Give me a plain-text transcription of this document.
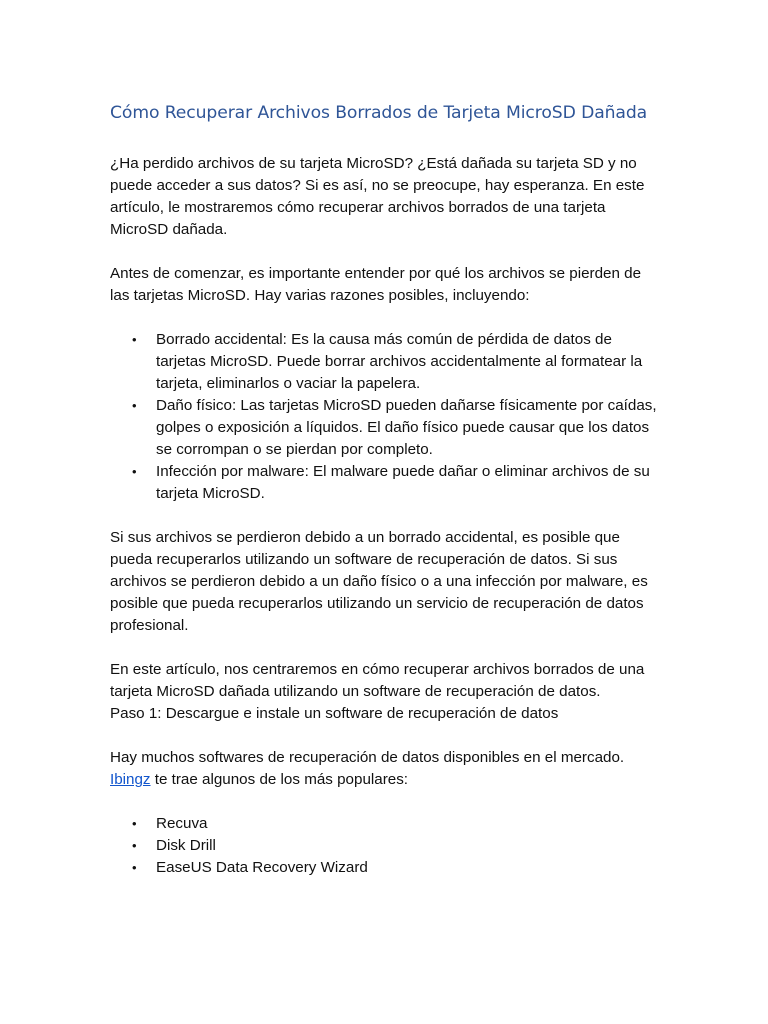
Cómo Recuperar Archivos Borrados de Tarjeta MicroSD Dañada

¿Ha perdido archivos de su tarjeta MicroSD? ¿Está dañada su tarjeta SD y no puede acceder a sus datos? Si es así, no se preocupe, hay esperanza. En este artículo, le mostraremos cómo recuperar archivos borrados de una tarjeta MicroSD dañada.

Antes de comenzar, es importante entender por qué los archivos se pierden de las tarjetas MicroSD. Hay varias razones posibles, incluyendo:

• Borrado accidental: Es la causa más común de pérdida de datos de tarjetas MicroSD. Puede borrar archivos accidentalmente al formatear la tarjeta, eliminarlos o vaciar la papelera.
• Daño físico: Las tarjetas MicroSD pueden dañarse físicamente por caídas, golpes o exposición a líquidos. El daño físico puede causar que los datos se corrompan o se pierdan por completo.
• Infección por malware: El malware puede dañar o eliminar archivos de su tarjeta MicroSD.

Si sus archivos se perdieron debido a un borrado accidental, es posible que pueda recuperarlos utilizando un software de recuperación de datos. Si sus archivos se perdieron debido a un daño físico o a una infección por malware, es posible que pueda recuperarlos utilizando un servicio de recuperación de datos profesional.

En este artículo, nos centraremos en cómo recuperar archivos borrados de una tarjeta MicroSD dañada utilizando un software de recuperación de datos.

Paso 1: Descargue e instale un software de recuperación de datos

Hay muchos softwares de recuperación de datos disponibles en el mercado.
Ibingz te trae algunos de los más populares:

• Recuva
• Disk Drill
• EaseUS Data Recovery Wizard
